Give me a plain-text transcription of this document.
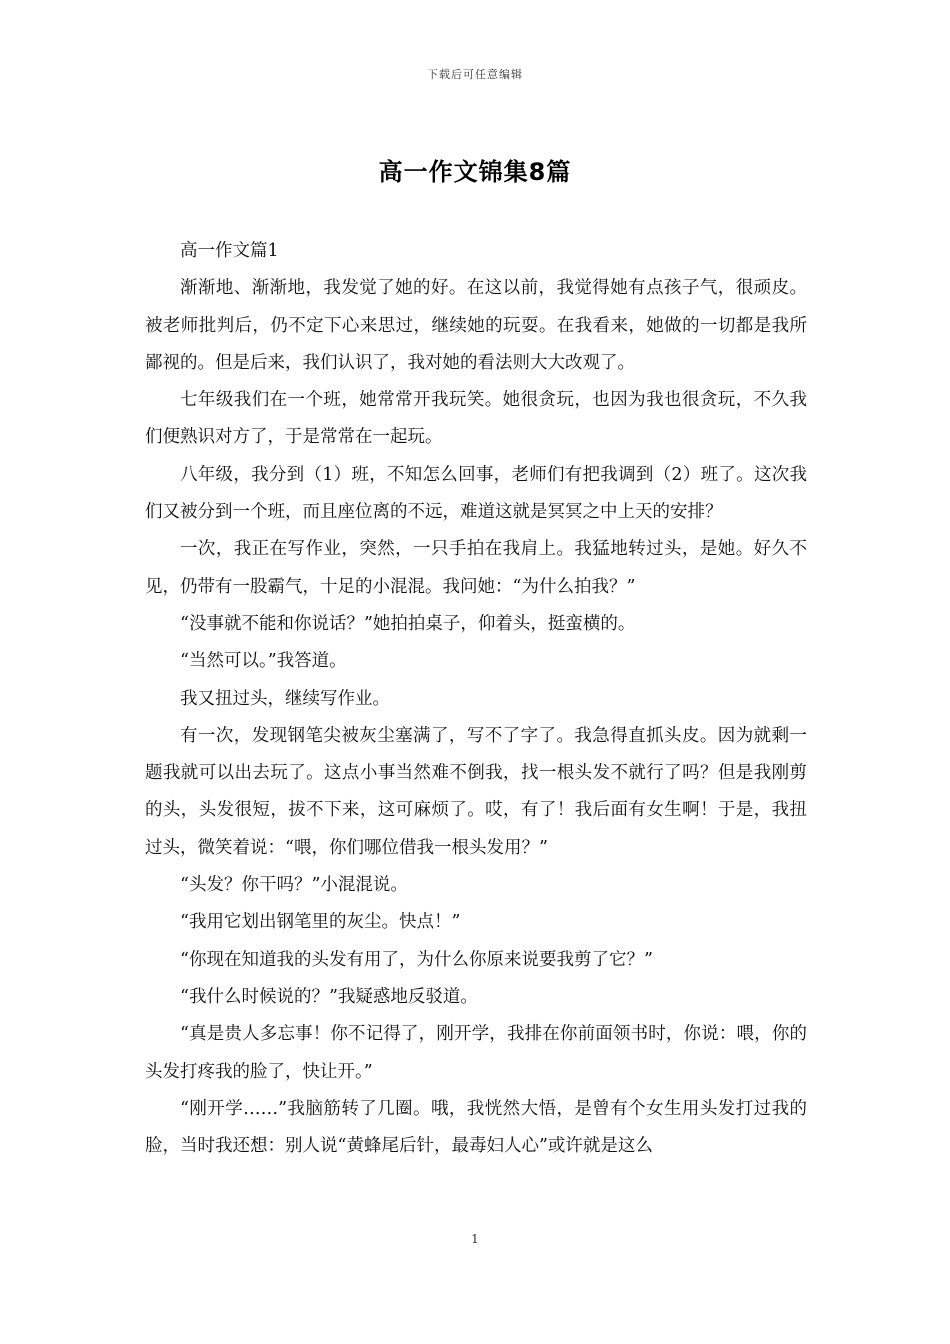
下载后可任意编辑
高一作文锦集8篇

高一作文篇1

渐渐地、渐渐地，我发觉了她的好。在这以前，我觉得她有点孩子气，很顽皮。被老师批判后，仍不定下心来思过，继续她的玩耍。在我看来，她做的一切都是我所鄙视的。但是后来，我们认识了，我对她的看法则大大改观了。

七年级我们在一个班，她常常开我玩笑。她很贪玩，也因为我也很贪玩，不久我们便熟识对方了，于是常常在一起玩。

八年级，我分到（1）班，不知怎么回事，老师们有把我调到（2）班了。这次我们又被分到一个班，而且座位离的不远，难道这就是冥冥之中上天的安排？

一次，我正在写作业，突然，一只手拍在我肩上。我猛地转过头，是她。好久不见，仍带有一股霸气，十足的小混混。我问她：“为什么拍我？”

“没事就不能和你说话？”她拍拍桌子，仰着头，挺蛮横的。

“当然可以。”我答道。

我又扭过头，继续写作业。

有一次，发现钢笔尖被灰尘塞满了，写不了字了。我急得直抓头皮。因为就剩一题我就可以出去玩了。这点小事当然难不倒我，找一根头发不就行了吗？但是我刚剪的头，头发很短，拔不下来，这可麻烦了。哎，有了！我后面有女生啊！于是，我扭过头，微笑着说：“喂，你们哪位借我一根头发用？”

“头发？你干吗？”小混混说。

“我用它划出钢笔里的灰尘。快点！”

“你现在知道我的头发有用了，为什么你原来说要我剪了它？”

“我什么时候说的？”我疑惑地反驳道。

“真是贵人多忘事！你不记得了，刚开学，我排在你前面领书时，你说：喂，你的头发打疼我的脸了，快让开。”

“刚开学……”我脑筋转了几圈。哦，我恍然大悟，是曾有个女生用头发打过我的脸，当时我还想：别人说“黄蜂尾后针，最毒妇人心”或许就是这么

1
